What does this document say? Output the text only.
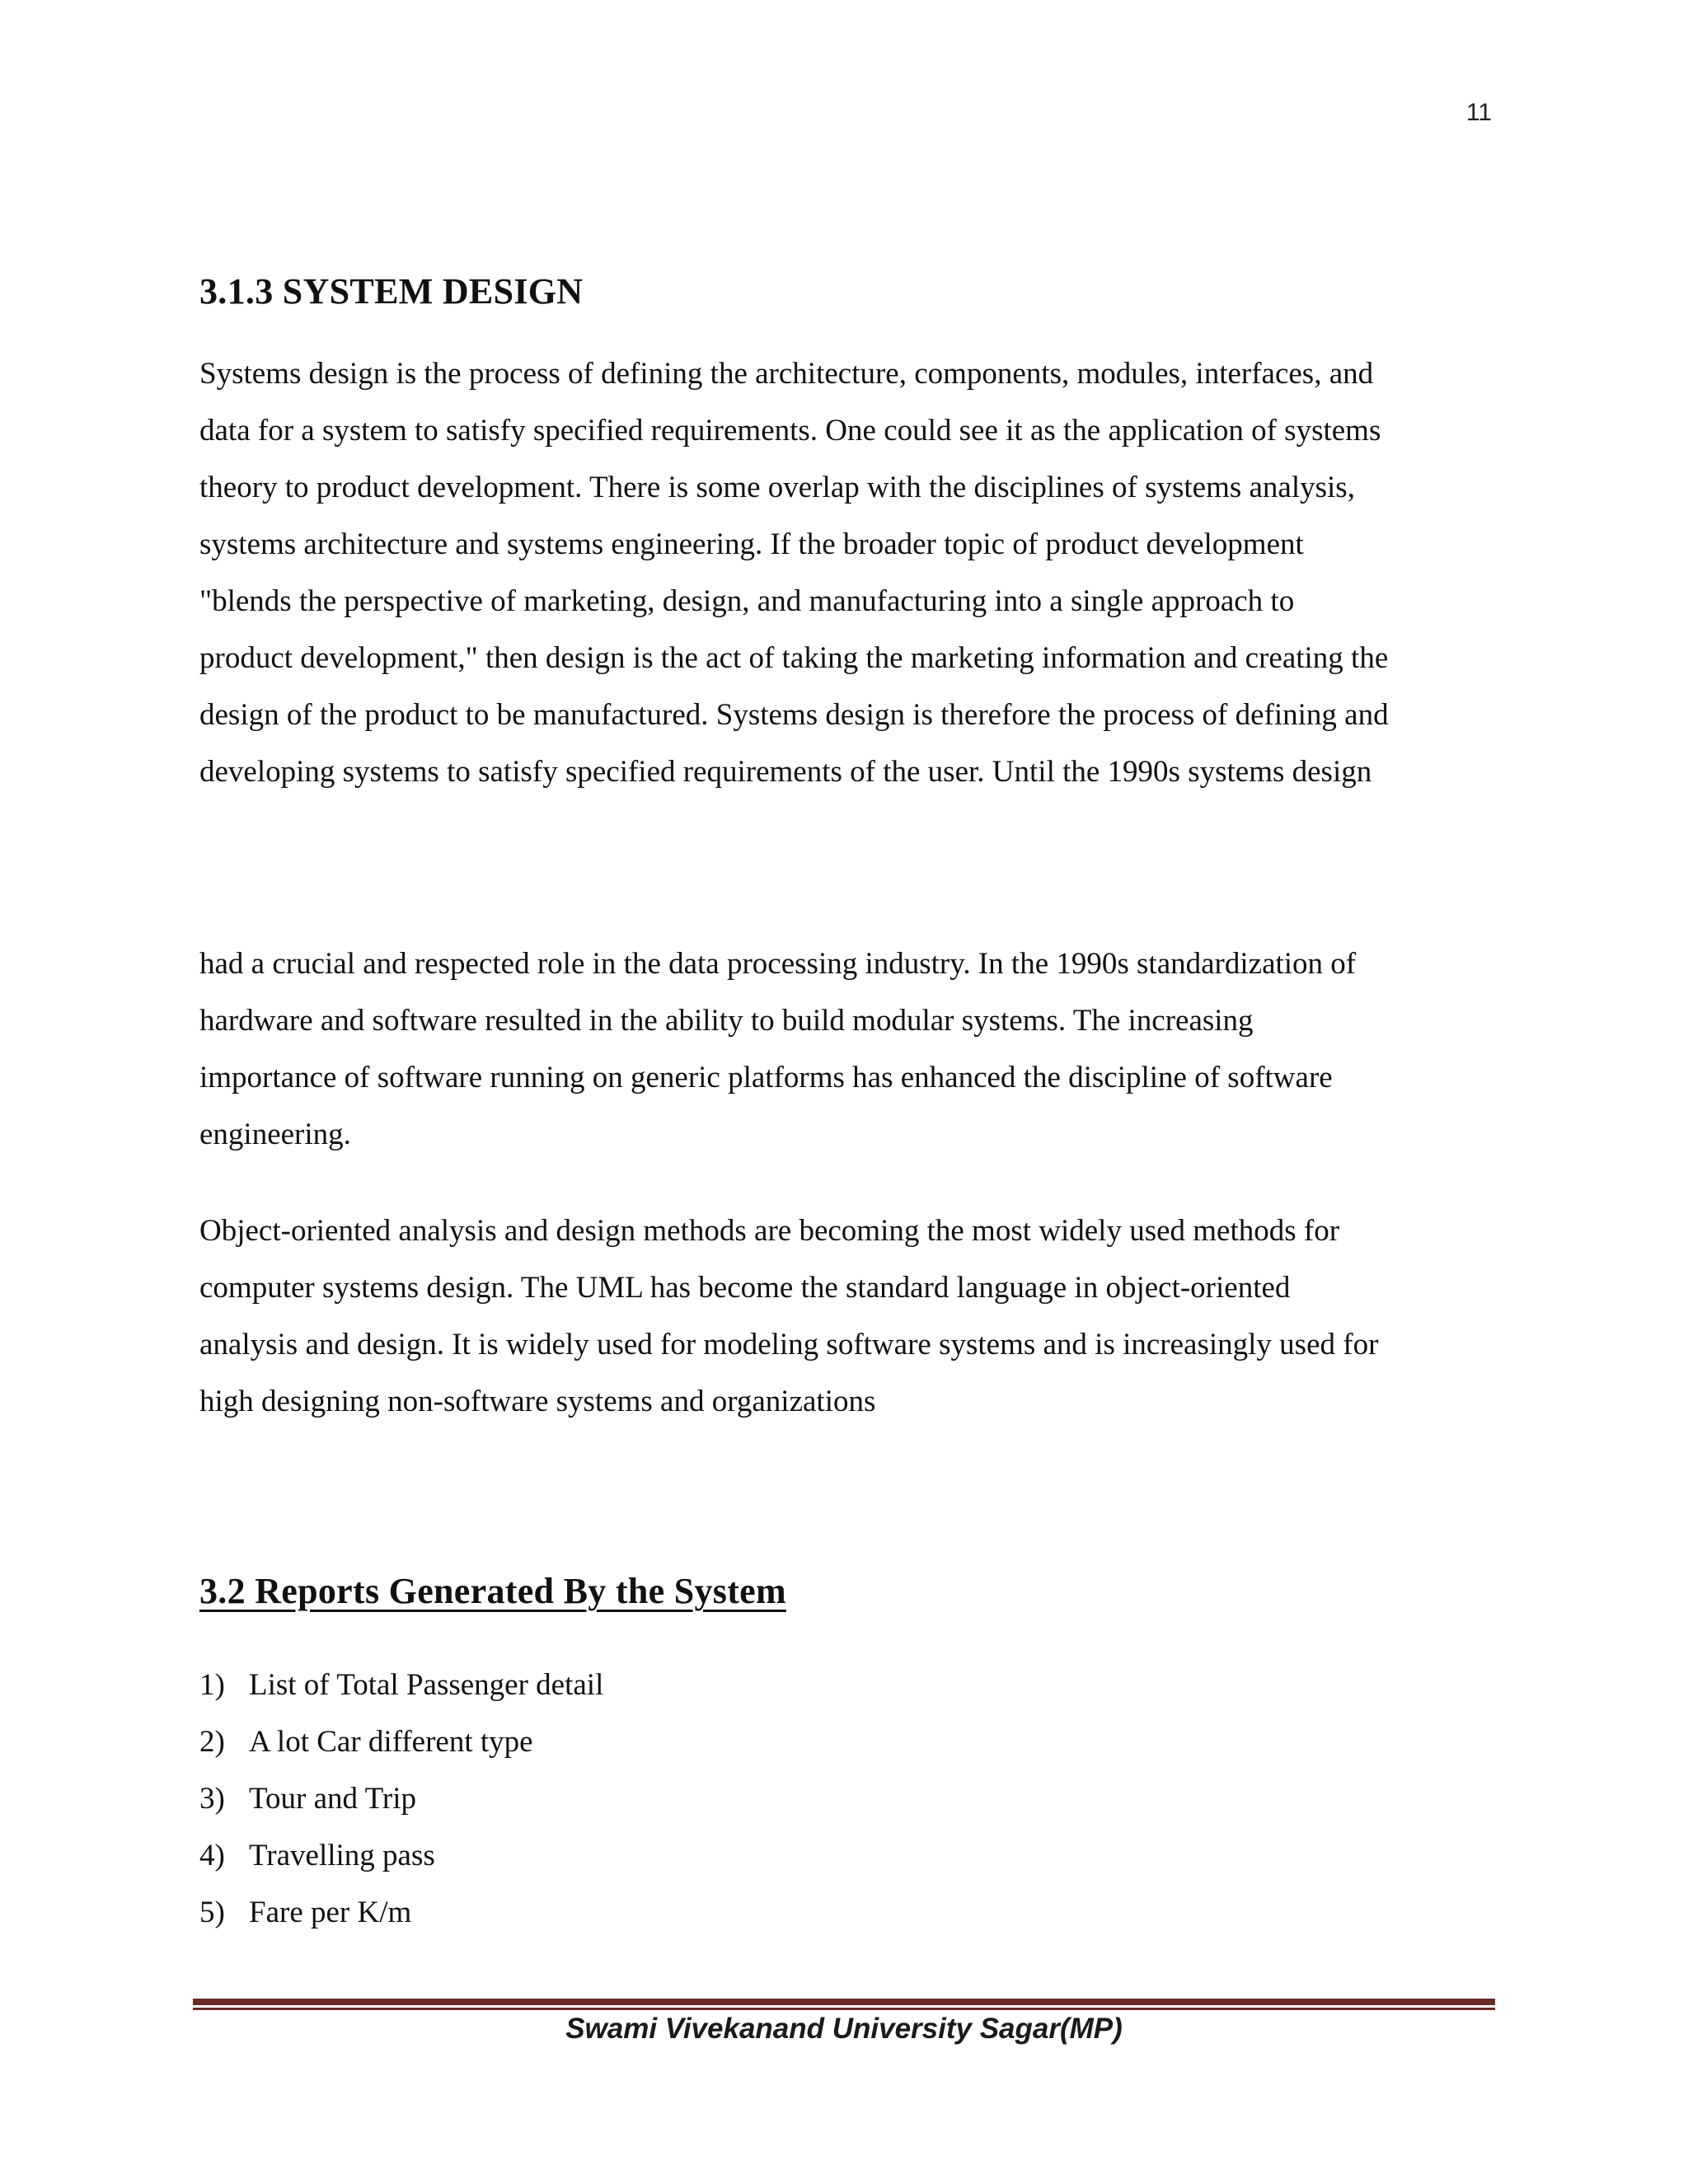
11
3.1.3 SYSTEM DESIGN
Systems design is the process of defining the architecture, components, modules, interfaces, and
data for a system to satisfy specified requirements. One could see it as the application of systems
theory to product development. There is some overlap with the disciplines of systems analysis,
systems architecture and systems engineering. If the broader topic of product development
"blends the perspective of marketing, design, and manufacturing into a single approach to
product development," then design is the act of taking the marketing information and creating the
design of the product to be manufactured. Systems design is therefore the process of defining and
developing systems to satisfy specified requirements of the user. Until the 1990s systems design
had a crucial and respected role in the data processing industry. In the 1990s standardization of
hardware and software resulted in the ability to build modular systems. The increasing
importance of software running on generic platforms has enhanced the discipline of software
engineering.
Object-oriented analysis and design methods are becoming the most widely used methods for
computer systems design. The UML has become the standard language in object-oriented
analysis and design. It is widely used for modeling software systems and is increasingly used for
high designing non-software systems and organizations
3.2 Reports Generated By the System
1) List of Total Passenger detail
2) A lot Car different type
3) Tour and Trip
4) Travelling pass
5) Fare per K/m
Swami Vivekanand University Sagar(MP)
